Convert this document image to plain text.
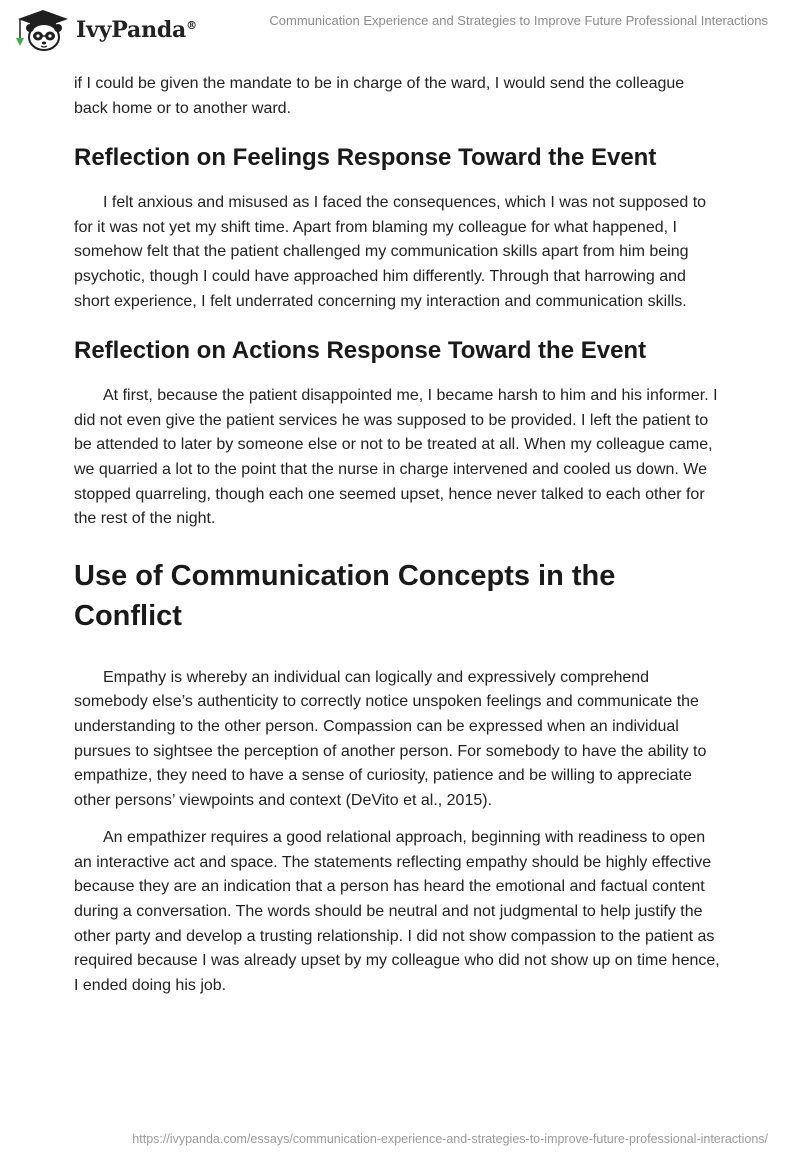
IvyPanda®	Communication Experience and Strategies to Improve Future Professional Interactions

if I could be given the mandate to be in charge of the ward, I would send the colleague back home or to another ward.

Reflection on Feelings Response Toward the Event

I felt anxious and misused as I faced the consequences, which I was not supposed to for it was not yet my shift time. Apart from blaming my colleague for what happened, I somehow felt that the patient challenged my communication skills apart from him being psychotic, though I could have approached him differently. Through that harrowing and short experience, I felt underrated concerning my interaction and communication skills.

Reflection on Actions Response Toward the Event

At first, because the patient disappointed me, I became harsh to him and his informer. I did not even give the patient services he was supposed to be provided. I left the patient to be attended to later by someone else or not to be treated at all. When my colleague came, we quarried a lot to the point that the nurse in charge intervened and cooled us down. We stopped quarreling, though each one seemed upset, hence never talked to each other for the rest of the night.

Use of Communication Concepts in the Conflict

Empathy is whereby an individual can logically and expressively comprehend somebody else’s authenticity to correctly notice unspoken feelings and communicate the understanding to the other person. Compassion can be expressed when an individual pursues to sightsee the perception of another person. For somebody to have the ability to empathize, they need to have a sense of curiosity, patience and be willing to appreciate other persons’ viewpoints and context (DeVito et al., 2015).

An empathizer requires a good relational approach, beginning with readiness to open an interactive act and space. The statements reflecting empathy should be highly effective because they are an indication that a person has heard the emotional and factual content during a conversation. The words should be neutral and not judgmental to help justify the other party and develop a trusting relationship. I did not show compassion to the patient as required because I was already upset by my colleague who did not show up on time hence, I ended doing his job.

https://ivypanda.com/essays/communication-experience-and-strategies-to-improve-future-professional-interactions/
